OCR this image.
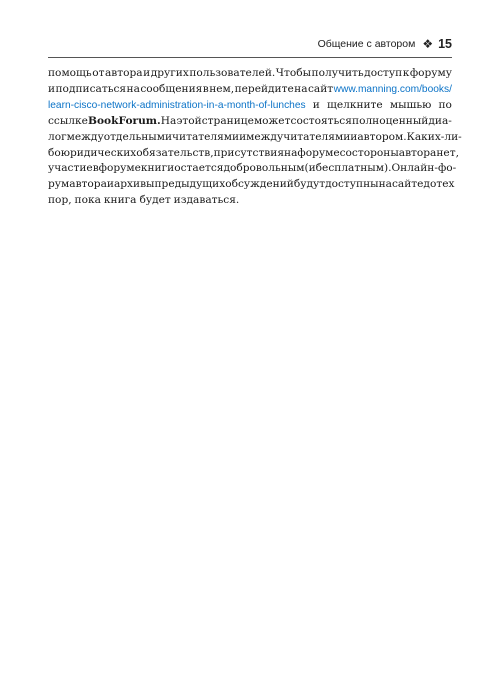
Общение с автором ❖ 15
помощь от автора и других пользователей. Чтобы получить доступ к форуму
и подписаться на сообщения в нем, перейдите на сайт www.manning.com/books/
learn-cisco-network-administration-in-a-month-of-lunches и щелкните мышью по
ссылке Book Forum. На этой странице может состояться полноценный диа-
лог между отдельными читателями и между читателями и автором. Каких-ли-
бо юридических обязательств, присутствия на форуме со стороны автора нет,
участие в форуме книги остается добровольным (и бесплатным). Онлайн-фо-
рум автора и архивы предыдущих обсуждений будут доступны на сайте до тех
пор, пока книга будет издаваться.
